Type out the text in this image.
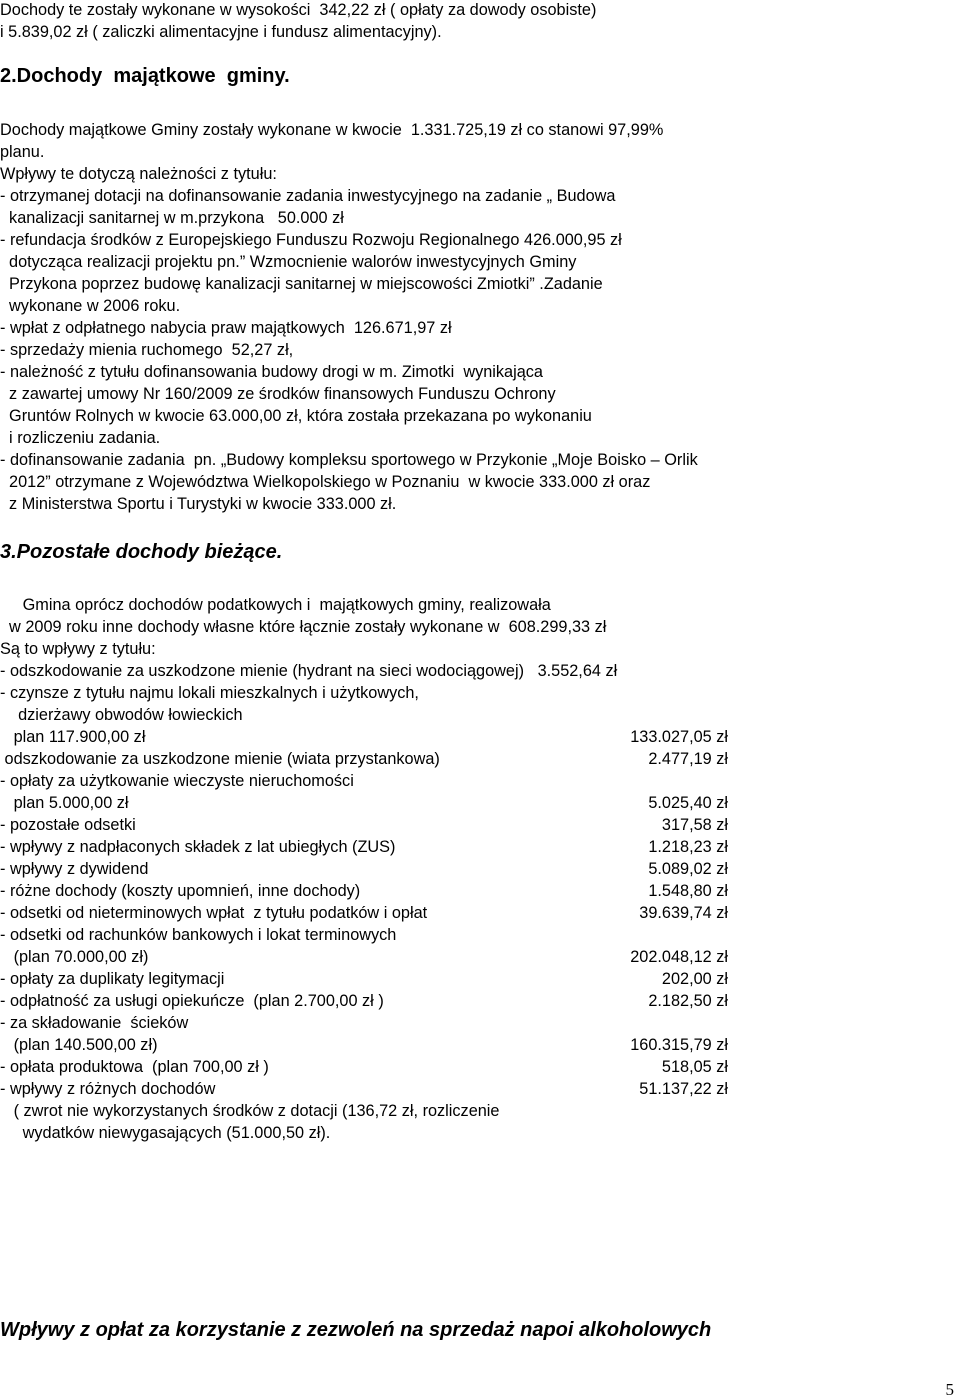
Dochody te zostały wykonane w wysokości  342,22 zł ( opłaty za dowody osobiste)
i 5.839,02 zł ( zaliczki alimentacyjne i fundusz alimentacyjny).
2.Dochody  majątkowe  gminy.
Dochody majątkowe Gminy zostały wykonane w kwocie  1.331.725,19 zł co stanowi 97,99%
planu.
Wpływy te dotyczą należności z tytułu:
- otrzymanej dotacji na dofinansowanie zadania inwestycyjnego na zadanie „ Budowa
kanalizacji sanitarnej w m.przykona   50.000 zł
- refundacja środków z Europejskiego Funduszu Rozwoju Regionalnego 426.000,95 zł
dotycząca realizacji projektu pn.” Wzmocnienie walorów inwestycyjnych Gminy
Przykona poprzez budowę kanalizacji sanitarnej w miejscowości Zmiotki” .Zadanie
wykonane w 2006 roku.
- wpłat z odpłatnego nabycia praw majątkowych  126.671,97 zł
- sprzedaży mienia ruchomego  52,27 zł,
- należność z tytułu dofinansowania budowy drogi w m. Zimotki  wynikająca
z zawartej umowy Nr 160/2009 ze środków finansowych Funduszu Ochrony
Gruntów Rolnych w kwocie 63.000,00 zł, która została przekazana po wykonaniu
i rozliczeniu zadania.
- dofinansowanie zadania  pn. „Budowy kompleksu sportowego w Przykonie „Moje Boisko – Orlik
2012” otrzymane z Województwa Wielkopolskiego w Poznaniu  w kwocie 333.000 zł oraz
z Ministerstwa Sportu i Turystyki w kwocie 333.000 zł.
3.Pozostałe dochody bieżące.
Gmina oprócz dochodów podatkowych i  majątkowych gminy, realizowała
w 2009 roku inne dochody własne które łącznie zostały wykonane w  608.299,33 zł
Są to wpływy z tytułu:
- odszkodowanie za uszkodzone mienie (hydrant na sieci wodociągowej)   3.552,64 zł
- czynsze z tytułu najmu lokali mieszkalnych i użytkowych,
dzierżawy obwodów łowieckich
plan 117.900,00 zł	133.027,05 zł
odszkodowanie za uszkodzone mienie (wiata przystankowa)	2.477,19 zł
- opłaty za użytkowanie wieczyste nieruchomości
plan 5.000,00 zł	5.025,40 zł
- pozostałe odsetki	317,58 zł
- wpływy z nadpłaconych składek z lat ubiegłych (ZUS)	1.218,23 zł
- wpływy z dywidend	5.089,02 zł
- różne dochody (koszty upomnień, inne dochody)	1.548,80 zł
- odsetki od nieterminowych wpłat  z tytułu podatków i opłat	39.639,74 zł
- odsetki od rachunków bankowych i lokat terminowych
(plan 70.000,00 zł)	202.048,12 zł
- opłaty za duplikaty legitymacji	202,00 zł
- odpłatność za usługi opiekuńcze  (plan 2.700,00 zł )	2.182,50 zł
- za składowanie  ścieków
(plan 140.500,00 zł)	160.315,79 zł
- opłata produktowa  (plan 700,00 zł )	518,05 zł
- wpływy z różnych dochodów	51.137,22 zł
( zwrot nie wykorzystanych środków z dotacji (136,72 zł, rozliczenie
wydatków niewygasających (51.000,50 zł).
Wpływy z opłat za korzystanie z zezwoleń na sprzedaż napoi alkoholowych
5
